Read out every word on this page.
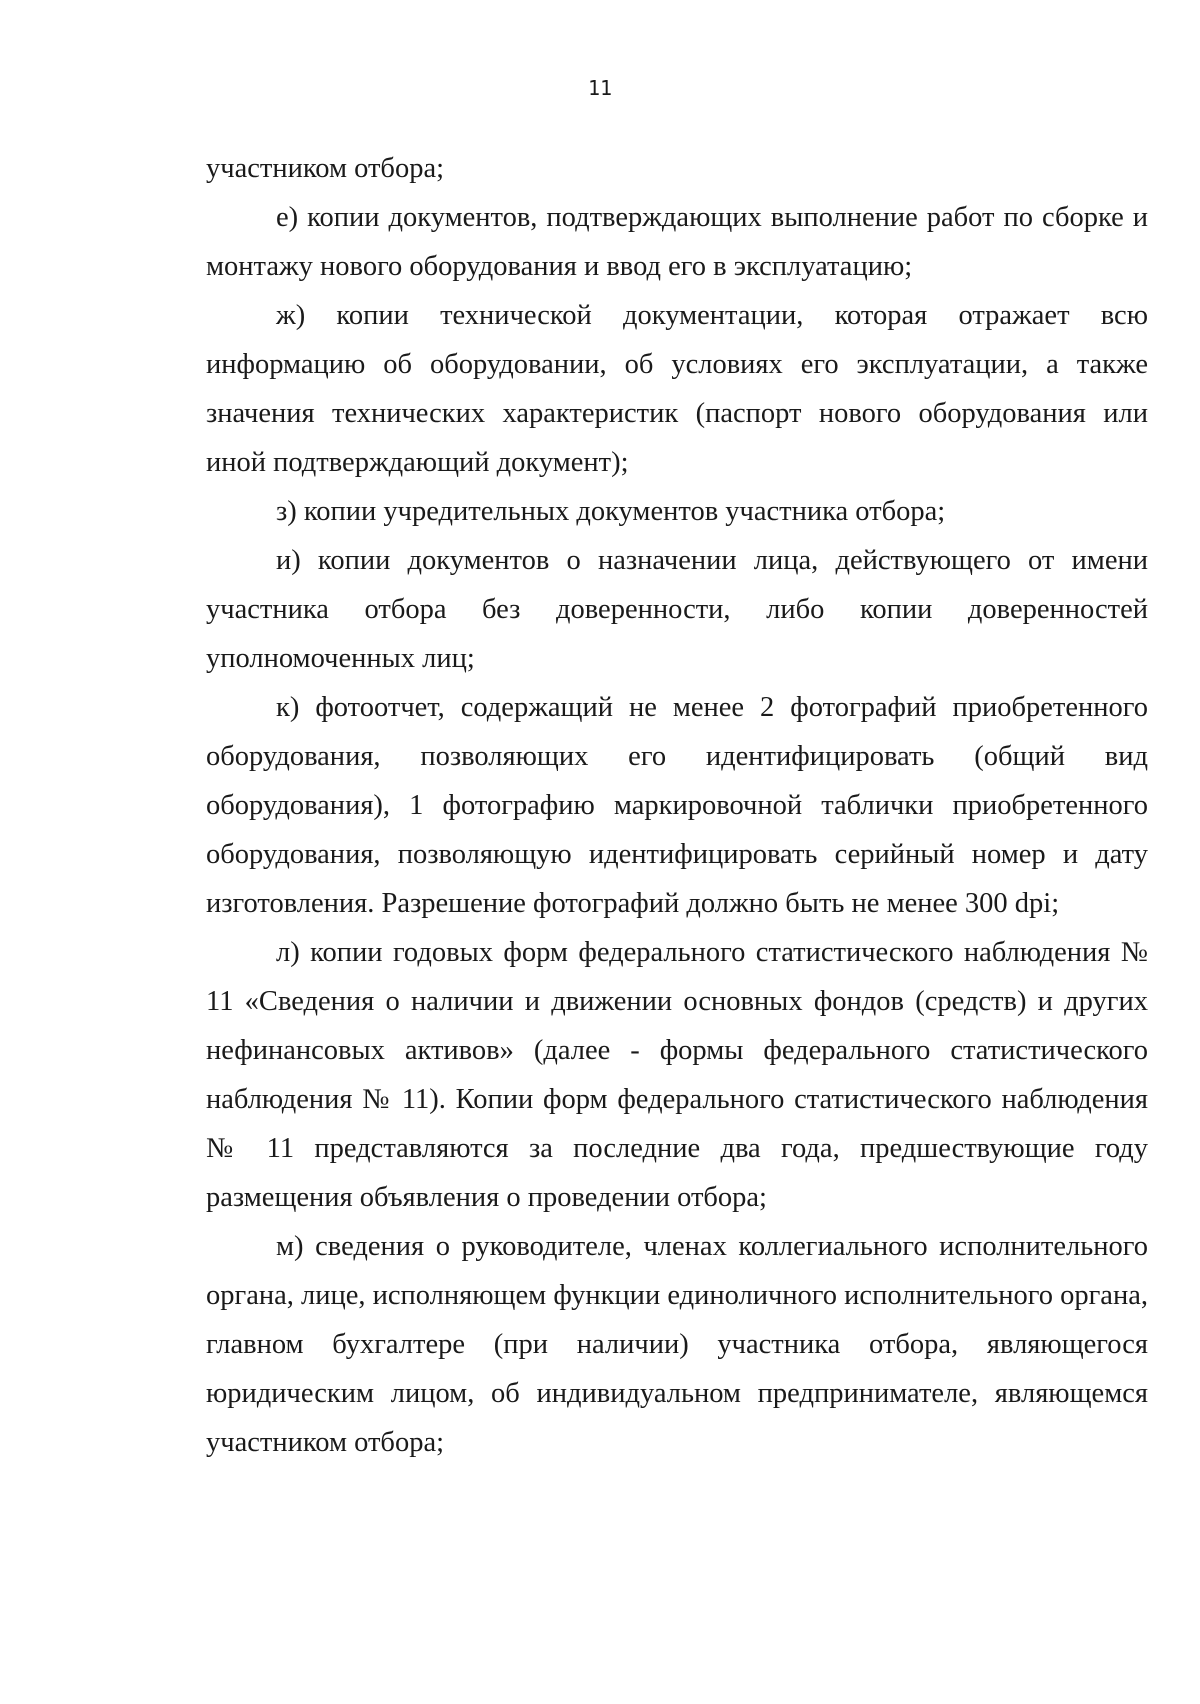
11

участником отбора;

е) копии документов, подтверждающих выполнение работ по сборке и монтажу нового оборудования и ввод его в эксплуатацию;

ж) копии технической документации, которая отражает всю информацию об оборудовании, об условиях его эксплуатации, а также значения технических характеристик (паспорт нового оборудования или иной подтверждающий документ);

з) копии учредительных документов участника отбора;

и) копии документов о назначении лица, действующего от имени участника отбора без доверенности, либо копии доверенностей уполномоченных лиц;

к) фотоотчет, содержащий не менее 2 фотографий приобретенного оборудования, позволяющих его идентифицировать (общий вид оборудования), 1 фотографию маркировочной таблички приобретенного оборудования, позволяющую идентифицировать серийный номер и дату изготовления. Разрешение фотографий должно быть не менее 300 dpi;

л) копии годовых форм федерального статистического наблюдения № 11 «Сведения о наличии и движении основных фондов (средств) и других нефинансовых активов» (далее - формы федерального статистического наблюдения № 11). Копии форм федерального статистического наблюдения № 11 представляются за последние два года, предшествующие году размещения объявления о проведении отбора;

м) сведения о руководителе, членах коллегиального исполнительного органа, лице, исполняющем функции единоличного исполнительного органа, главном бухгалтере (при наличии) участника отбора, являющегося юридическим лицом, об индивидуальном предпринимателе, являющемся участником отбора;
